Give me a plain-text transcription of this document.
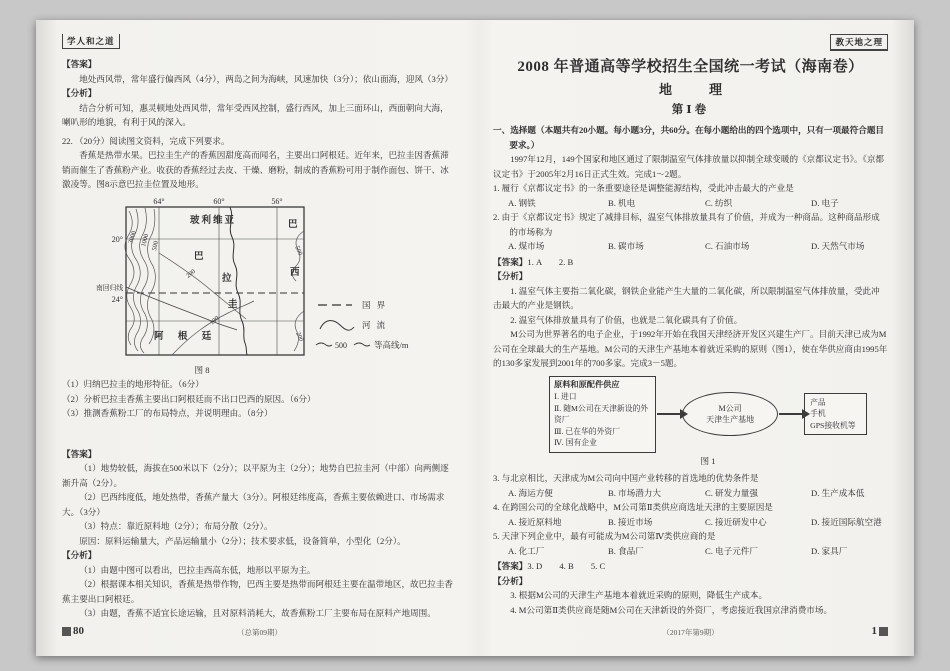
学人和之道

【答案】

地处西风带，常年盛行偏西风（4分），两岛之间为海峡，风速加快（3分）；依山面海，迎风（3分）

【分析】

结合分析可知，惠灵顿地处西风带，常年受西风控制，盛行西风，加上三面环山，西面朝向大海，喇叭形的地貌，有利于风的深入。

22. （20分）阅读图文资料，完成下列要求。

香蕉是热带水果。巴拉圭生产的香蕉因甜度高而闻名，主要出口阿根廷。近年来，巴拉圭因香蕉滞销而催生了香蕉粉产业。收获的香蕉经过去皮、干燥、磨粉，制成的香蕉粉可用于制作面包、饼干、冰激凌等。图8示意巴拉圭位置及地形。

64°	60°	56°
20°
南回归线
24°
3000 1000 500
200
100
500
200
玻利维亚	巴
西
巴
拉
圭
阿 根 廷
国 界
河 流
500	等高线/m

图 8

（1）归纳巴拉圭的地形特征。（6分）

（2）分析巴拉圭香蕉主要出口阿根廷而不出口巴西的原因。（6分）

（3）推测香蕉粉工厂的布局特点，并说明理由。（8分）

【答案】

（1）地势较低，海拔在500米以下（2分）；以平原为主（2分）；地势自巴拉圭河（中部）向两侧逐渐升高（2分）。

（2）巴西纬度低，地处热带，香蕉产量大（3分）。阿根廷纬度高，香蕉主要依赖进口、市场需求大。（3分）

（3）特点：靠近原料地（2分）；布局分散（2分）。

原因：原料运输量大，产品运输量小（2分）；技术要求低，设备简单，小型化（2分）。

【分析】

（1）由题中图可以看出，巴拉圭西高东低，地形以平原为主。

（2）根据课本相关知识，香蕉是热带作物，巴西主要是热带而阿根廷主要在温带地区，故巴拉圭香蕉主要出口阿根廷。

（3）由题，香蕉不适宜长途运输，且对原料消耗大，故香蕉粉工厂主要布局在原料产地周围。

80	（总第09期）
教天地之理

2008 年普通高等学校招生全国统一考试（海南卷）

地　理

第Ⅰ卷

一、选择题（本题共有20小题。每小题3分，共60分。在每小题给出的四个选项中，只有一项最符合题目要求。）

1997年12月，149个国家和地区通过了限制温室气体排放量以抑制全球变暖的《京都议定书》。《京都议定书》于2005年2月16日正式生效。完成1～2题。

1. 履行《京都议定书》的一条重要途径是调整能源结构，受此冲击最大的产业是

A. 钢铁	B. 机电	C. 纺织	D. 电子

2. 由于《京都议定书》规定了减排目标，温室气体排放量具有了价值，并成为一种商品。这种商品形成的市场称为

A. 煤市场	B. 碳市场	C. 石油市场	D. 天然气市场

【答案】1. A　　2. B

【分析】

1. 温室气体主要指二氧化碳，钢铁企业能产生大量的二氧化碳，所以限制温室气体排放量，受此冲击最大的产业是钢铁。

2. 温室气体排放量具有了价值，也就是二氧化碳具有了价值。

M公司为世界著名的电子企业，于1992年开始在我国天津经济开发区兴建生产厂。目前天津已成为M公司在全球最大的生产基地。M公司的天津生产基地本着就近采购的原则（图1），使在华供应商由1995年的130多家发展到2001年的700多家。完成3－5题。

原料和原配件供应
Ⅰ. 进口
Ⅱ. 随M公司在天津新设的外资厂
Ⅲ. 已在华的外资厂
Ⅳ. 国有企业
M公司
天津生产基地
产品
手机
GPS接收机等

图 1

3. 与北京相比，天津成为M公司向中国产业转移的首选地的优势条件是

A. 海运方便	B. 市场潜力大	C. 研发力量强	D. 生产成本低

4. 在跨国公司的全球化战略中，M公司第Ⅱ类供应商选址天津的主要原因是

A. 接近原料地	B. 接近市场	C. 接近研发中心	D. 接近国际航空港

5. 天津下列企业中，最有可能成为M公司第Ⅳ类供应商的是

A. 化工厂	B. 食品厂	C. 电子元件厂	D. 家具厂

【答案】3. D　　4. B　　5. C

【分析】

3. 根据M公司的天津生产基地本着就近采购的原则，降低生产成本。

4. M公司第Ⅱ类供应商是随M公司在天津新设的外资厂，考虑接近我国京津消费市场。

（2017年第9期）	1
